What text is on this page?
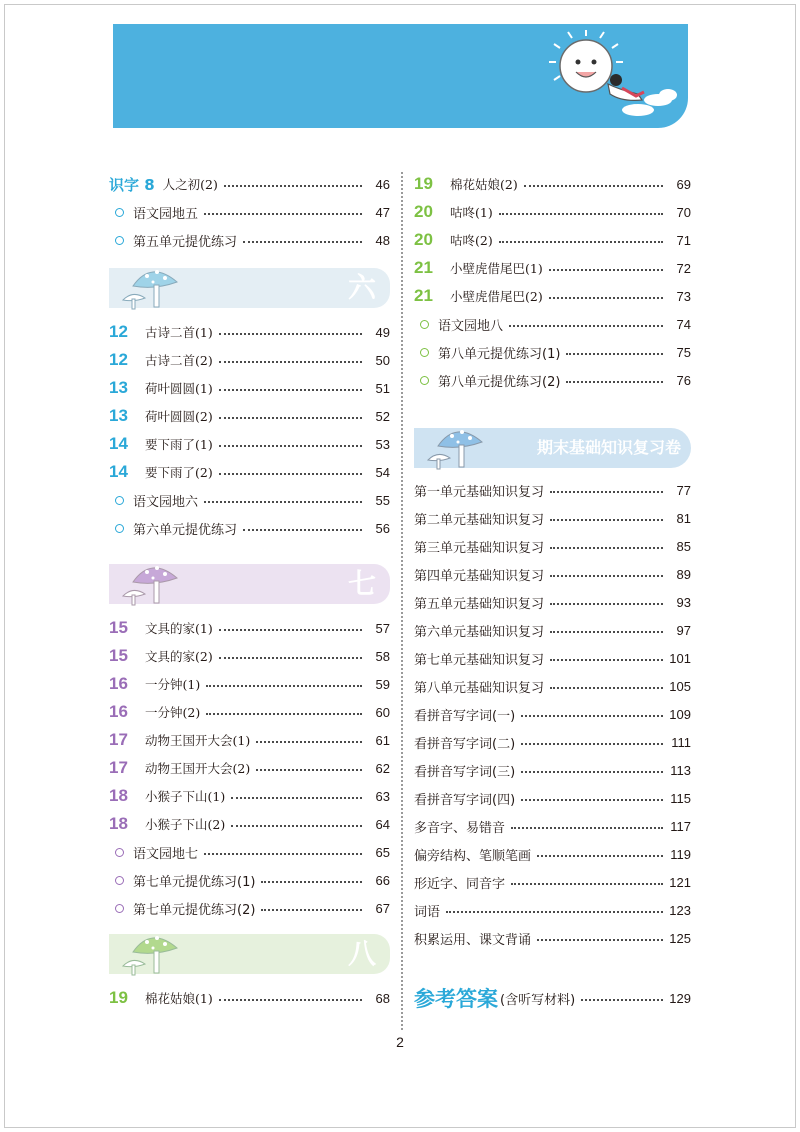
识字 8 人之初(2)	46
语文园地五	47
第五单元提优练习	48
六
12	古诗二首(1)	49
12	古诗二首(2)	50
13	荷叶圆圆(1)	51
13	荷叶圆圆(2)	52
14	要下雨了(1)	53
14	要下雨了(2)	54
语文园地六	55
第六单元提优练习	56
七
15	文具的家(1)	57
15	文具的家(2)	58
16	一分钟(1)	59
16	一分钟(2)	60
17	动物王国开大会(1)	61
17	动物王国开大会(2)	62
18	小猴子下山(1)	63
18	小猴子下山(2)	64
语文园地七	65
第七单元提优练习(1)	66
第七单元提优练习(2)	67
八
19	棉花姑娘(1)	68
19	棉花姑娘(2)	69
20	咕咚(1)	70
20	咕咚(2)	71
21	小壁虎借尾巴(1)	72
21	小壁虎借尾巴(2)	73
语文园地八	74
第八单元提优练习(1)	75
第八单元提优练习(2)	76
期末基础知识复习卷
第一单元基础知识复习	77
第二单元基础知识复习	81
第三单元基础知识复习	85
第四单元基础知识复习	89
第五单元基础知识复习	93
第六单元基础知识复习	97
第七单元基础知识复习	101
第八单元基础知识复习	105
看拼音写字词(一)	109
看拼音写字词(二)	111
看拼音写字词(三)	113
看拼音写字词(四)	115
多音字、易错音	117
偏旁结构、笔顺笔画	119
形近字、同音字	121
词语	123
积累运用、课文背诵	125
参考答案 (含听写材料)	129
2
